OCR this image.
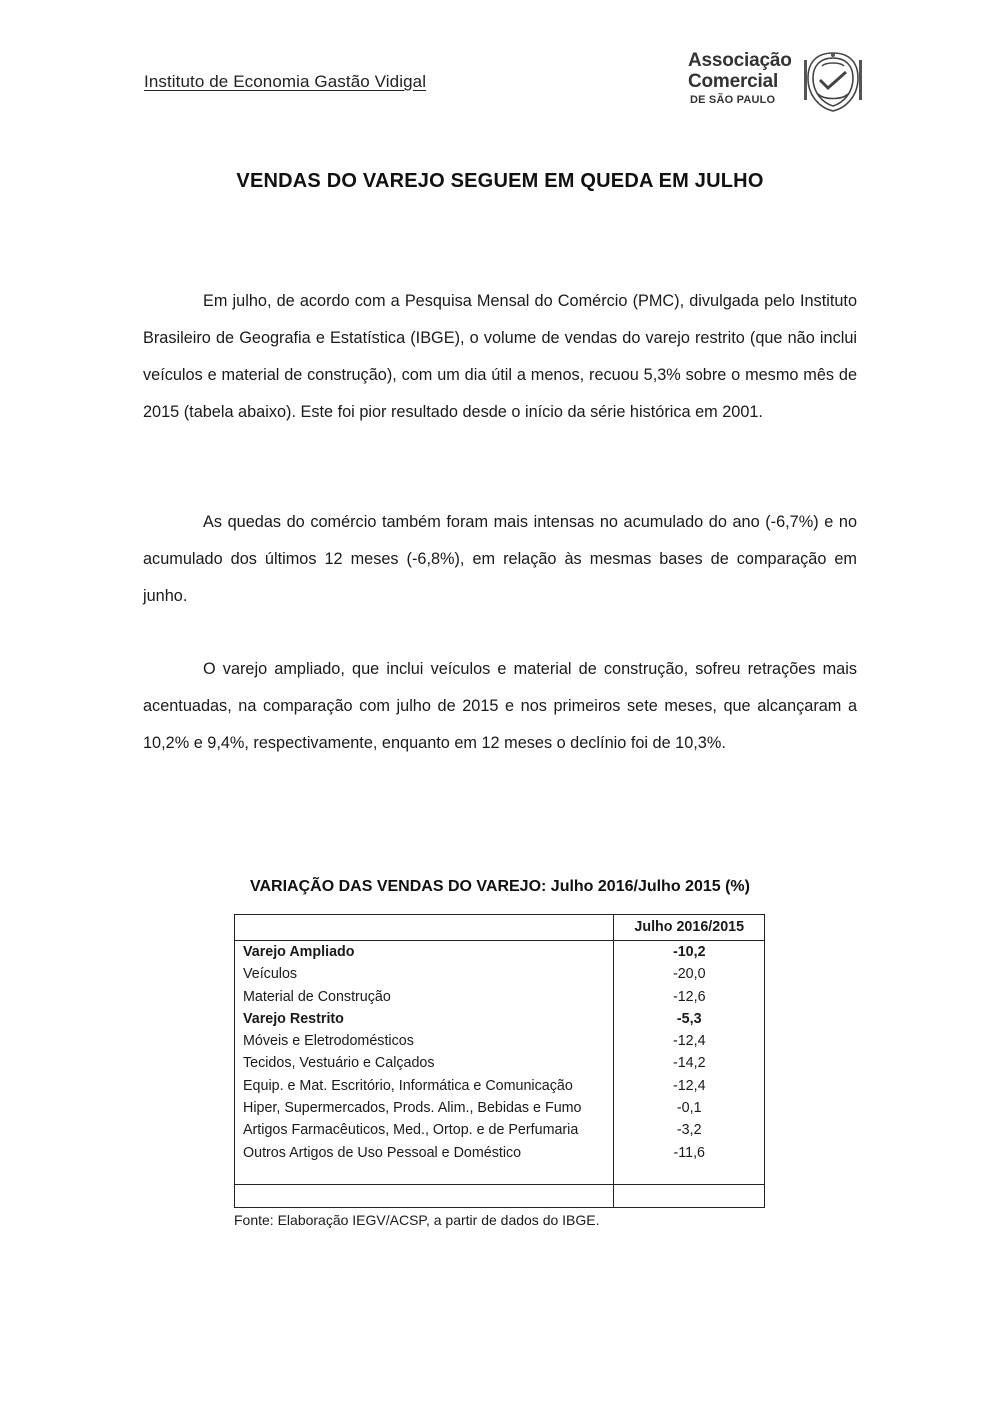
Instituto de Economia Gastão Vidigal
Associação
Comercial
DE SÃO PAULO
VENDAS DO VAREJO SEGUEM EM QUEDA EM JULHO

Em julho, de acordo com a Pesquisa Mensal do Comércio (PMC), divulgada pelo Instituto Brasileiro de Geografia e Estatística (IBGE), o volume de vendas do varejo restrito (que não inclui veículos e material de construção), com um dia útil a menos, recuou 5,3% sobre o mesmo mês de 2015 (tabela abaixo). Este foi pior resultado desde o início da série histórica em 2001.

As quedas do comércio também foram mais intensas no acumulado do ano (-6,7%) e no acumulado dos últimos 12 meses (-6,8%), em relação às mesmas bases de comparação em junho.

O varejo ampliado, que inclui veículos e material de construção, sofreu retrações mais acentuadas, na comparação com julho de 2015 e nos primeiros sete meses, que alcançaram a 10,2% e 9,4%, respectivamente, enquanto em 12 meses o declínio foi de 10,3%.

VARIAÇÃO DAS VENDAS DO VAREJO: Julho 2016/Julho 2015 (%)
	Julho 2016/2015
Varejo Ampliado	-10,2
Veículos	-20,0
Material de Construção	-12,6
Varejo Restrito	-5,3
Móveis e Eletrodomésticos	-12,4
Tecidos, Vestuário e Calçados	-14,2
Equip. e Mat. Escritório, Informática e Comunicação	-12,4
Hiper, Supermercados, Prods. Alim., Bebidas e Fumo	-0,1
Artigos Farmacêuticos, Med., Ortop. e de Perfumaria	-3,2
Outros Artigos de Uso Pessoal e Doméstico	-11,6

Fonte: Elaboração IEGV/ACSP, a partir de dados do IBGE.
